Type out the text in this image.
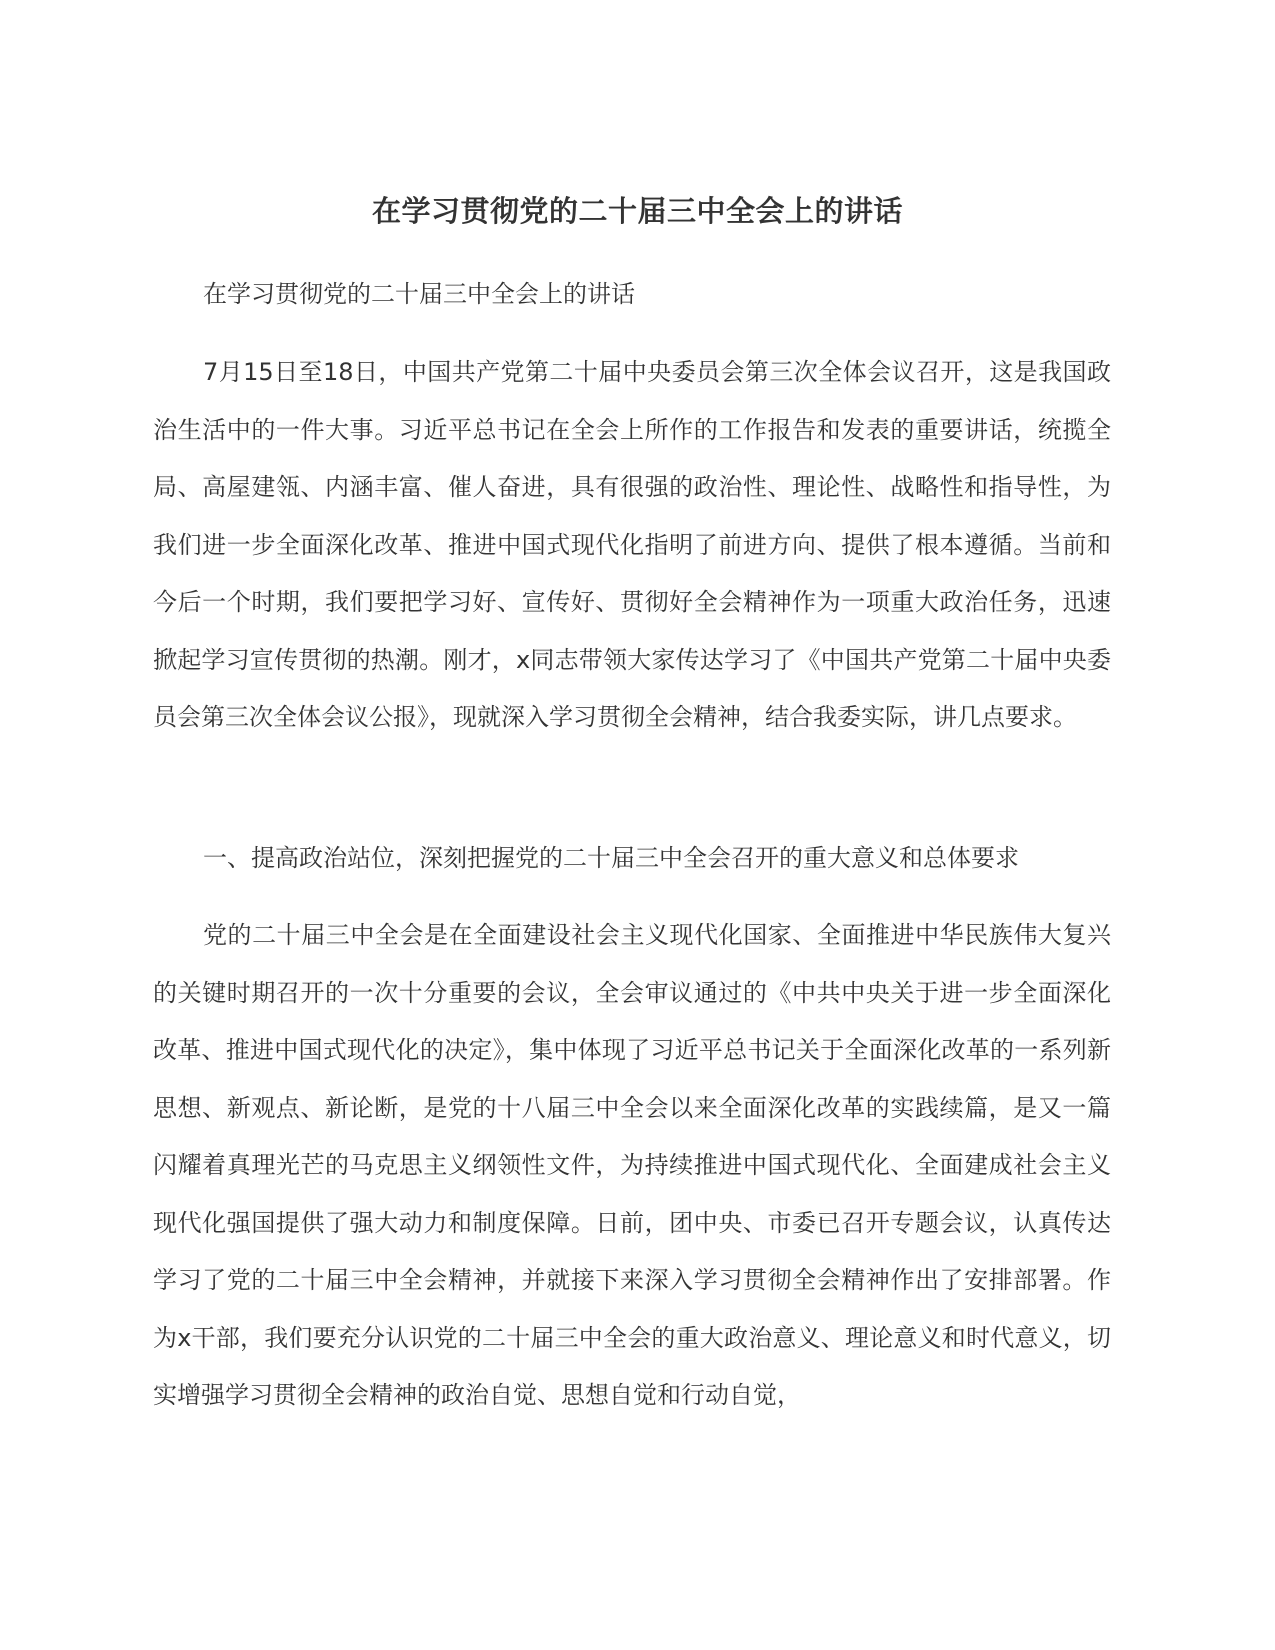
在学习贯彻党的二十届三中全会上的讲话

在学习贯彻党的二十届三中全会上的讲话

7月15日至18日，中国共产党第二十届中央委员会第三次全体会议召开，这是我国政治生活中的一件大事。习近平总书记在全会上所作的工作报告和发表的重要讲话，统揽全局、高屋建瓴、内涵丰富、催人奋进，具有很强的政治性、理论性、战略性和指导性，为我们进一步全面深化改革、推进中国式现代化指明了前进方向、提供了根本遵循。当前和今后一个时期，我们要把学习好、宣传好、贯彻好全会精神作为一项重大政治任务，迅速掀起学习宣传贯彻的热潮。刚才，x同志带领大家传达学习了《中国共产党第二十届中央委员会第三次全体会议公报》，现就深入学习贯彻全会精神，结合我委实际，讲几点要求。

一、提高政治站位，深刻把握党的二十届三中全会召开的重大意义和总体要求

党的二十届三中全会是在全面建设社会主义现代化国家、全面推进中华民族伟大复兴的关键时期召开的一次十分重要的会议，全会审议通过的《中共中央关于进一步全面深化改革、推进中国式现代化的决定》，集中体现了习近平总书记关于全面深化改革的一系列新思想、新观点、新论断，是党的十八届三中全会以来全面深化改革的实践续篇，是又一篇闪耀着真理光芒的马克思主义纲领性文件，为持续推进中国式现代化、全面建成社会主义现代化强国提供了强大动力和制度保障。日前，团中央、市委已召开专题会议，认真传达学习了党的二十届三中全会精神，并就接下来深入学习贯彻全会精神作出了安排部署。作为x干部，我们要充分认识党的二十届三中全会的重大政治意义、理论意义和时代意义，切实增强学习贯彻全会精神的政治自觉、思想自觉和行动自觉，
